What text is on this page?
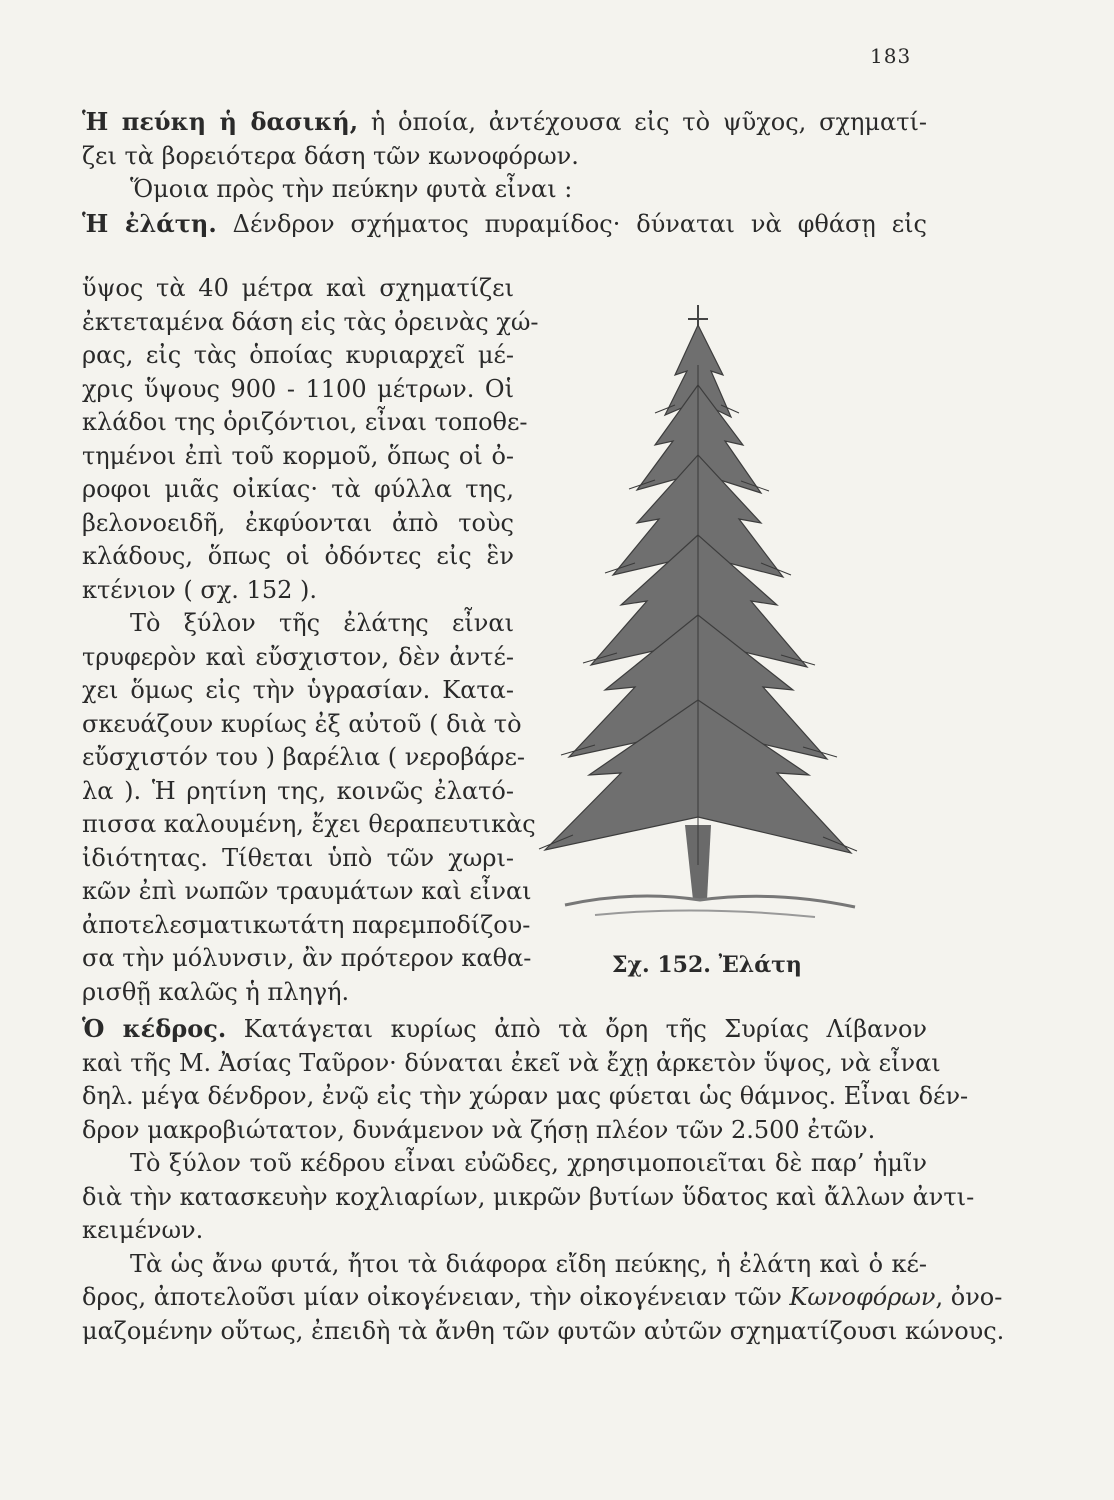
183
Ἡ πεύκη ἡ δασική, ἡ ὁποία, ἀντέχουσα εἰς τὸ ψῦχος, σχηματί-
ζει τὰ βορειότερα δάση τῶν κωνοφόρων.
Ὅμοια πρὸς τὴν πεύκην φυτὰ εἶναι :
Ἡ ἐλάτη. Δένδρον σχήματος πυραμίδος· δύναται νὰ φθάσῃ εἰς
ὕψος τὰ 40 μέτρα καὶ σχηματίζει
ἐκτεταμένα δάση εἰς τὰς ὀρεινὰς χώ-
ρας, εἰς τὰς ὁποίας κυριαρχεῖ μέ-
χρις ὕψους 900 - 1100 μέτρων. Οἱ
κλάδοι της ὁριζόντιοι, εἶναι τοποθε-
τημένοι ἐπὶ τοῦ κορμοῦ, ὅπως οἱ ὀ-
ροφοι μιᾶς οἰκίας· τὰ φύλλα της,
βελονοειδῆ, ἐκφύονται ἀπὸ τοὺς
κλάδους, ὅπως οἱ ὀδόντες εἰς ἓν
κτένιον ( σχ. 152 ).
Τὸ ξύλον τῆς ἐλάτης εἶναι
τρυφερὸν καὶ εὔσχιστον, δὲν ἀντέ-
χει ὅμως εἰς τὴν ὑγρασίαν. Κατα-
σκευάζουν κυρίως ἐξ αὐτοῦ ( διὰ τὸ
εὔσχιστόν του ) βαρέλια ( νεροβάρε-
λα ). Ἡ ρητίνη της, κοινῶς ἐλατό-
πισσα καλουμένη, ἔχει θεραπευτικὰς
ἰδιότητας. Τίθεται ὑπὸ τῶν χωρι-
κῶν ἐπὶ νωπῶν τραυμάτων καὶ εἶναι
ἀποτελεσματικωτάτη παρεμποδίζου-
σα τὴν μόλυνσιν, ἂν πρότερον καθα-
ρισθῇ καλῶς ἡ πληγή.
Σχ. 152. Ἐλάτη
Ὁ κέδρος. Κατάγεται κυρίως ἀπὸ τὰ ὄρη τῆς Συρίας Λίβανον
καὶ τῆς Μ. Ἀσίας Ταῦρον· δύναται ἐκεῖ νὰ ἔχῃ ἀρκετὸν ὕψος, νὰ εἶναι
δηλ. μέγα δένδρον, ἐνῷ εἰς τὴν χώραν μας φύεται ὡς θάμνος. Εἶναι δέν-
δρον μακροβιώτατον, δυνάμενον νὰ ζήσῃ πλέον τῶν 2.500 ἐτῶν.
Τὸ ξύλον τοῦ κέδρου εἶναι εὐῶδες, χρησιμοποιεῖται δὲ παρ’ ἡμῖν
διὰ τὴν κατασκευὴν κοχλιαρίων, μικρῶν βυτίων ὕδατος καὶ ἄλλων ἀντι-
κειμένων.
Τὰ ὡς ἄνω φυτά, ἤτοι τὰ διάφορα εἴδη πεύκης, ἡ ἐλάτη καὶ ὁ κέ-
δρος, ἀποτελοῦσι μίαν οἰκογένειαν, τὴν οἰκογένειαν τῶν Κωνοφόρων, ὀνο-
μαζομένην οὕτως, ἐπειδὴ τὰ ἄνθη τῶν φυτῶν αὐτῶν σχηματίζουσι κώνους.
